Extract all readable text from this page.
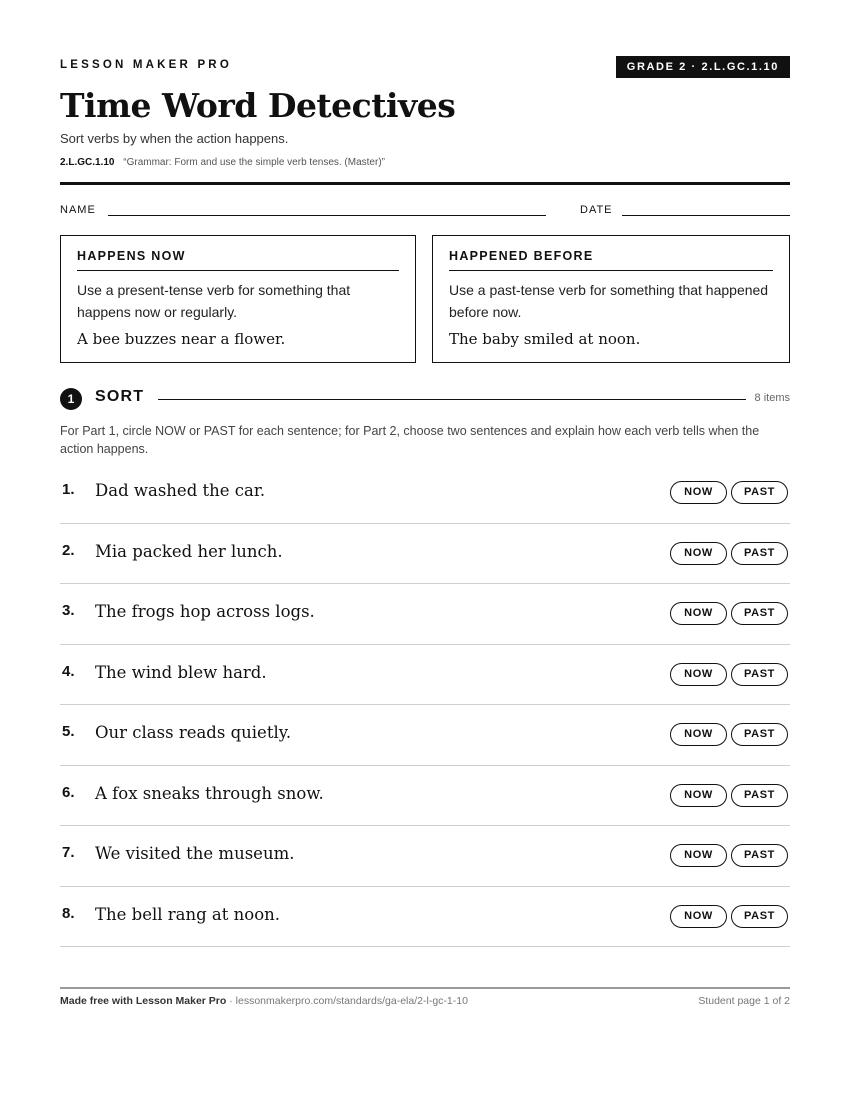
LESSON MAKER PRO	GRADE 2 · 2.L.GC.1.10
Time Word Detectives
Sort verbs by when the action happens.
2.L.GC.1.10 “Grammar: Form and use the simple verb tenses. (Master)”
NAME	DATE
HAPPENS NOW
Use a present-tense verb for something that happens now or regularly.
A bee buzzes near a flower.
HAPPENED BEFORE
Use a past-tense verb for something that happened before now.
The baby smiled at noon.
1	SORT	8 items
For Part 1, circle NOW or PAST for each sentence; for Part 2, choose two sentences and explain how each verb tells when the action happens.
1. Dad washed the car.	NOW	PAST
2. Mia packed her lunch.	NOW	PAST
3. The frogs hop across logs.	NOW	PAST
4. The wind blew hard.	NOW	PAST
5. Our class reads quietly.	NOW	PAST
6. A fox sneaks through snow.	NOW	PAST
7. We visited the museum.	NOW	PAST
8. The bell rang at noon.	NOW	PAST
Made free with Lesson Maker Pro · lessonmakerpro.com/standards/ga-ela/2-l-gc-1-10	Student page 1 of 2
